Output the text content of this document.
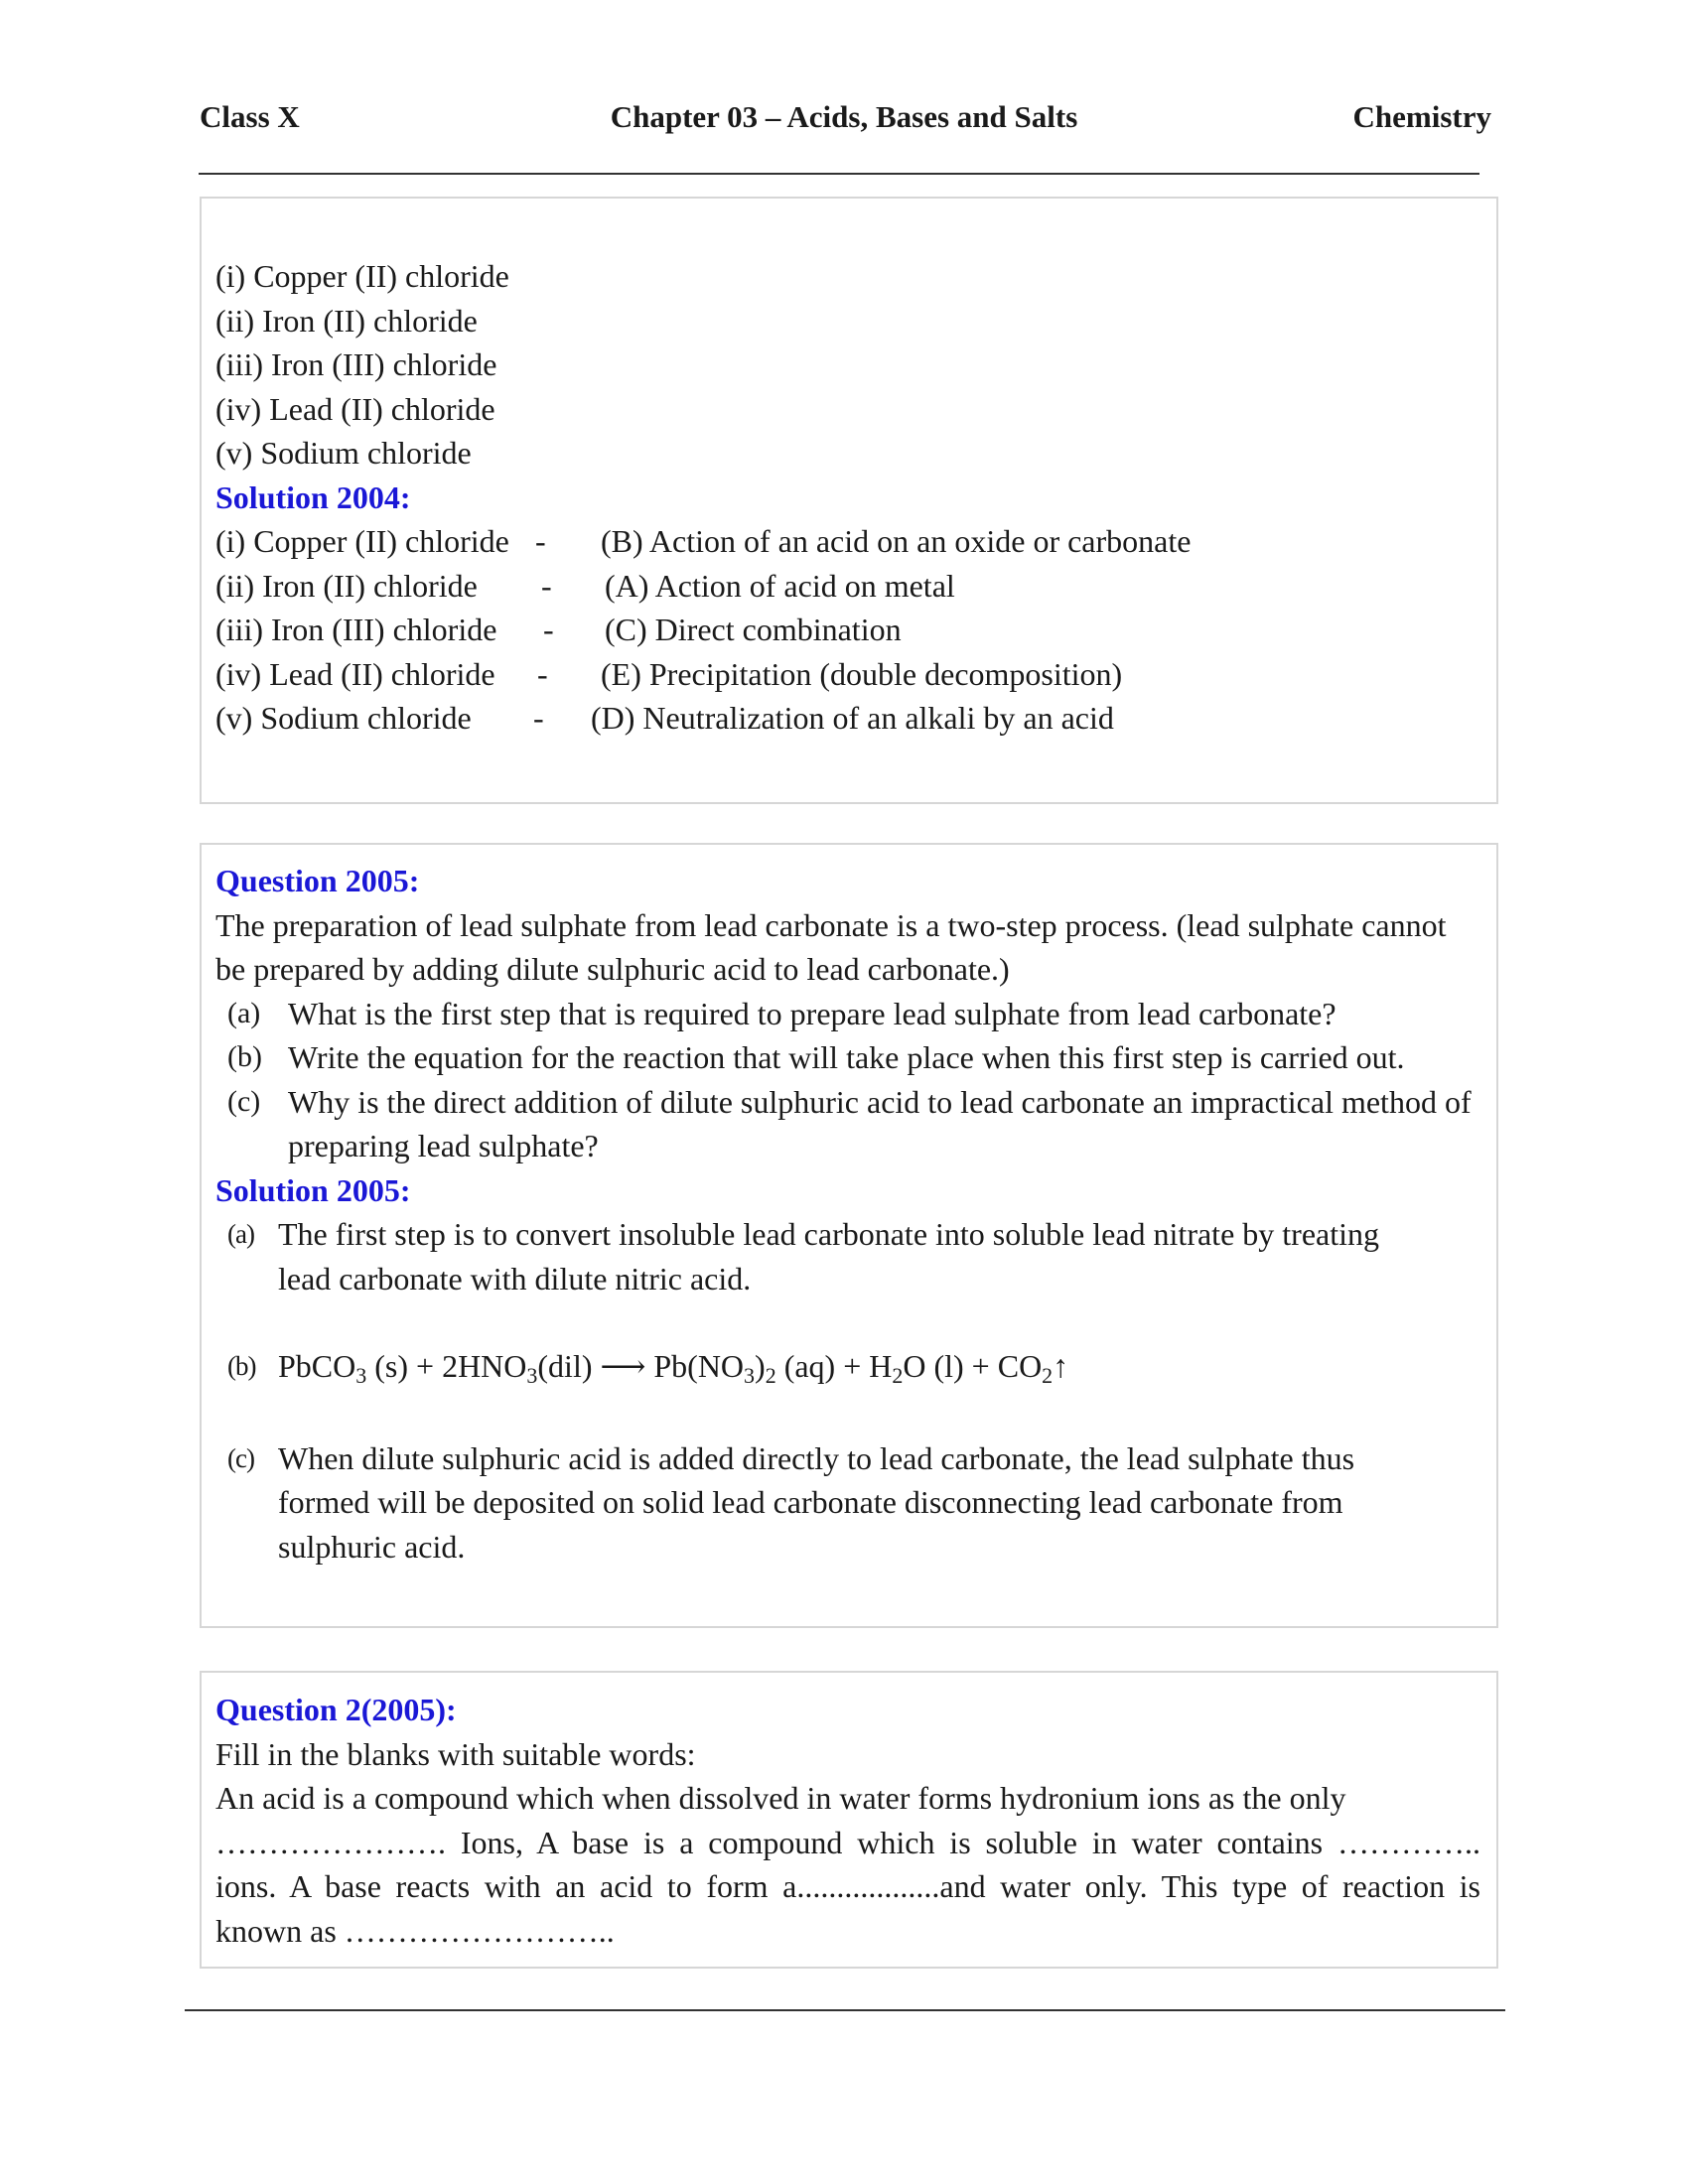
Class X	Chapter 03 – Acids, Bases and Salts	Chemistry
(i) Copper (II) chloride
(ii) Iron (II) chloride
(iii) Iron (III) chloride
(iv) Lead (II) chloride
(v) Sodium chloride
Solution 2004:
(i) Copper (II) chloride -	(B) Action of an acid on an oxide or carbonate
(ii) Iron (II) chloride	-	(A) Action of acid on metal
(iii) Iron (III) chloride	-	(C) Direct combination
(iv) Lead (II) chloride	-	(E) Precipitation (double decomposition)
(v) Sodium chloride	-	(D) Neutralization of an alkali by an acid
Question 2005:
The preparation of lead sulphate from lead carbonate is a two-step process. (lead sulphate cannot be prepared by adding dilute sulphuric acid to lead carbonate.)
(a) What is the first step that is required to prepare lead sulphate from lead carbonate?
(b) Write the equation for the reaction that will take place when this first step is carried out.
(c) Why is the direct addition of dilute sulphuric acid to lead carbonate an impractical method of preparing lead sulphate?
Solution 2005:
(a) The first step is to convert insoluble lead carbonate into soluble lead nitrate by treating lead carbonate with dilute nitric acid.
(b) PbCO$_3$ $(s) + 2HNO_3(dil)$ ⟶ $Pb(NO_3)_2$ $(aq) + H_2O$ $(l) + CO_2↑$
(c) When dilute sulphuric acid is added directly to lead carbonate, the lead sulphate thus formed will be deposited on solid lead carbonate disconnecting lead carbonate from sulphuric acid.
Question 2(2005):
Fill in the blanks with suitable words:
An acid is a compound which when dissolved in water forms hydronium ions as the only
…………………. Ions, A base is a compound which is soluble in water contains …………..
ions. A base reacts with an acid to form a..................and water only. This type of reaction is
known as ……………………..
